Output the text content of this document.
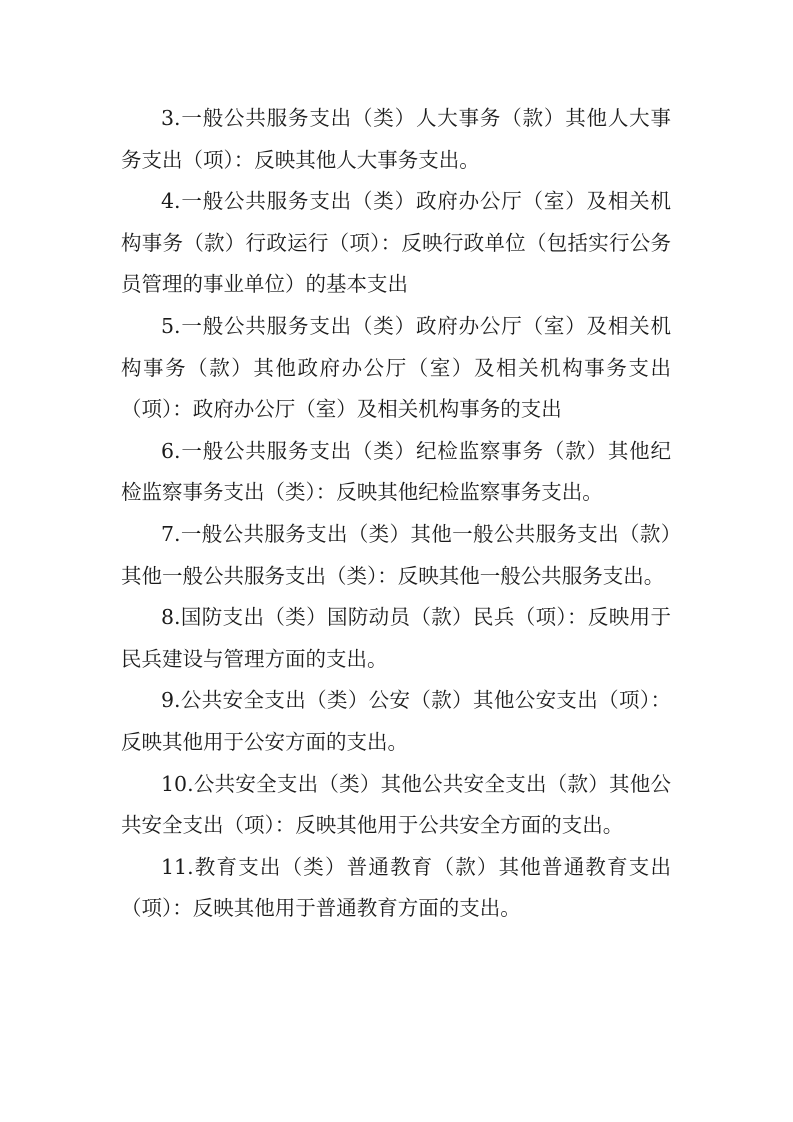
3.一般公共服务支出（类）人大事务（款）其他人大事务支出（项）：反映其他人大事务支出。

4.一般公共服务支出（类）政府办公厅（室）及相关机构事务（款）行政运行（项）：反映行政单位（包括实行公务员管理的事业单位）的基本支出

5.一般公共服务支出（类）政府办公厅（室）及相关机构事务（款）其他政府办公厅（室）及相关机构事务支出（项）：政府办公厅（室）及相关机构事务的支出

6.一般公共服务支出（类）纪检监察事务（款）其他纪检监察事务支出（类）：反映其他纪检监察事务支出。

7.一般公共服务支出（类）其他一般公共服务支出（款）其他一般公共服务支出（类）：反映其他一般公共服务支出。

8.国防支出（类）国防动员（款）民兵（项）：反映用于民兵建设与管理方面的支出。

9.公共安全支出（类）公安（款）其他公安支出（项）：反映其他用于公安方面的支出。

10.公共安全支出（类）其他公共安全支出（款）其他公共安全支出（项）：反映其他用于公共安全方面的支出。

11.教育支出（类）普通教育（款）其他普通教育支出（项）：反映其他用于普通教育方面的支出。
